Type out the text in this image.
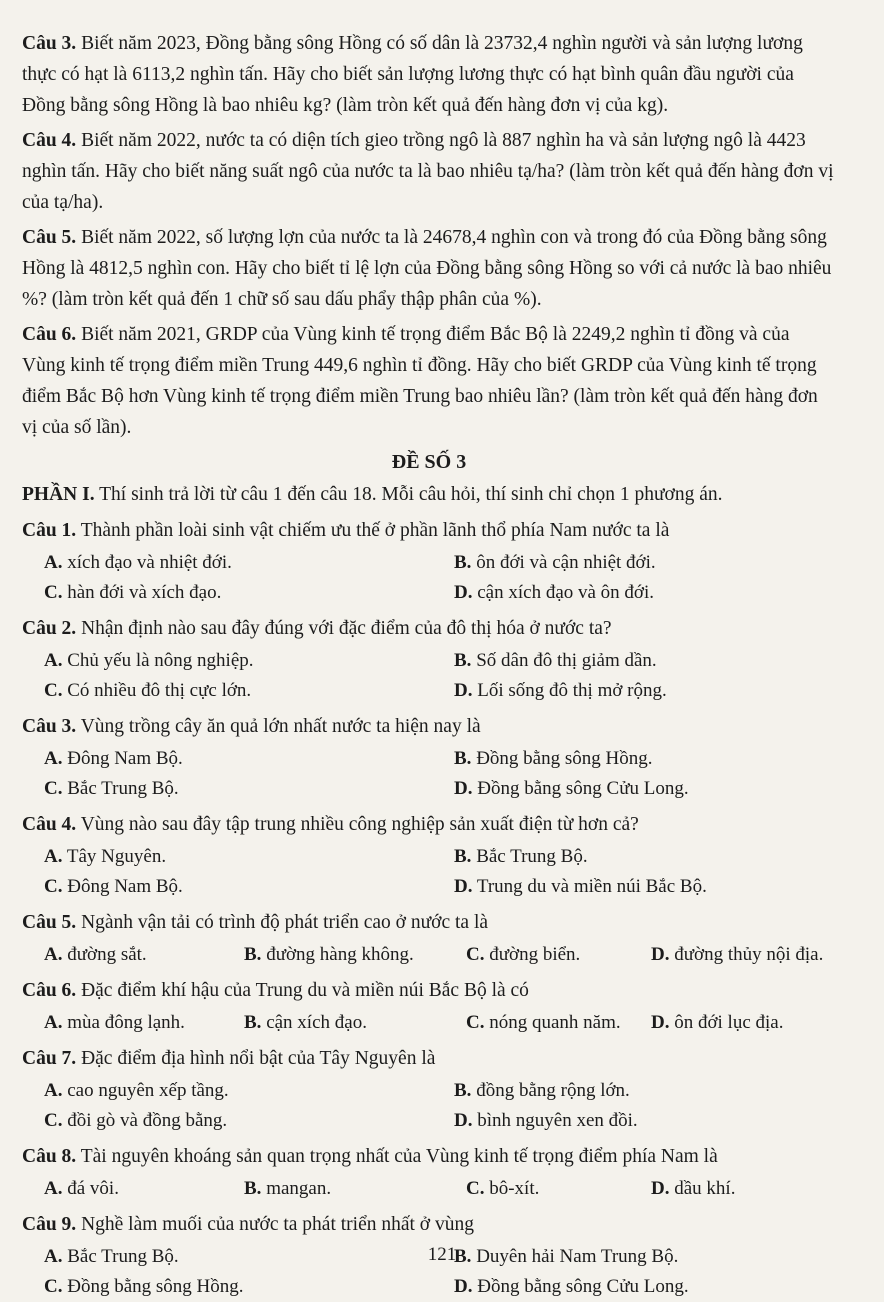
Câu 3. Biết năm 2023, Đồng bằng sông Hồng có số dân là 23732,4 nghìn người và sản lượng lương thực có hạt là 6113,2 nghìn tấn. Hãy cho biết sản lượng lương thực có hạt bình quân đầu người của Đồng bằng sông Hồng là bao nhiêu kg? (làm tròn kết quả đến hàng đơn vị của kg).
Câu 4. Biết năm 2022, nước ta có diện tích gieo trồng ngô là 887 nghìn ha và sản lượng ngô là 4423 nghìn tấn. Hãy cho biết năng suất ngô của nước ta là bao nhiêu tạ/ha? (làm tròn kết quả đến hàng đơn vị của tạ/ha).
Câu 5. Biết năm 2022, số lượng lợn của nước ta là 24678,4 nghìn con và trong đó của Đồng bằng sông Hồng là 4812,5 nghìn con. Hãy cho biết tỉ lệ lợn của Đồng bằng sông Hồng so với cả nước là bao nhiêu %? (làm tròn kết quả đến 1 chữ số sau dấu phẩy thập phân của %).
Câu 6. Biết năm 2021, GRDP của Vùng kinh tế trọng điểm Bắc Bộ là 2249,2 nghìn tỉ đồng và của Vùng kinh tế trọng điểm miền Trung 449,6 nghìn tỉ đồng. Hãy cho biết GRDP của Vùng kinh tế trọng điểm Bắc Bộ hơn Vùng kinh tế trọng điểm miền Trung bao nhiêu lần? (làm tròn kết quả đến hàng đơn vị của số lần).
ĐỀ SỐ 3
PHẦN I. Thí sinh trả lời từ câu 1 đến câu 18. Mỗi câu hỏi, thí sinh chỉ chọn 1 phương án.
Câu 1. Thành phần loài sinh vật chiếm ưu thế ở phần lãnh thổ phía Nam nước ta là
A. xích đạo và nhiệt đới.	B. ôn đới và cận nhiệt đới.
C. hàn đới và xích đạo.	D. cận xích đạo và ôn đới.
Câu 2. Nhận định nào sau đây đúng với đặc điểm của đô thị hóa ở nước ta?
A. Chủ yếu là nông nghiệp.	B. Số dân đô thị giảm dần.
C. Có nhiều đô thị cực lớn.	D. Lối sống đô thị mở rộng.
Câu 3. Vùng trồng cây ăn quả lớn nhất nước ta hiện nay là
A. Đông Nam Bộ.	B. Đồng bằng sông Hồng.
C. Bắc Trung Bộ.	D. Đồng bằng sông Cửu Long.
Câu 4. Vùng nào sau đây tập trung nhiều công nghiệp sản xuất điện từ hơn cả?
A. Tây Nguyên.	B. Bắc Trung Bộ.
C. Đông Nam Bộ.	D. Trung du và miền núi Bắc Bộ.
Câu 5. Ngành vận tải có trình độ phát triển cao ở nước ta là
A. đường sắt.	B. đường hàng không.	C. đường biển.	D. đường thủy nội địa.
Câu 6. Đặc điểm khí hậu của Trung du và miền núi Bắc Bộ là có
A. mùa đông lạnh.	B. cận xích đạo.	C. nóng quanh năm.	D. ôn đới lục địa.
Câu 7. Đặc điểm địa hình nổi bật của Tây Nguyên là
A. cao nguyên xếp tầng.	B. đồng bằng rộng lớn.
C. đồi gò và đồng bằng.	D. bình nguyên xen đồi.
Câu 8. Tài nguyên khoáng sản quan trọng nhất của Vùng kinh tế trọng điểm phía Nam là
A. đá vôi.	B. mangan.	C. bô-xít.	D. dầu khí.
Câu 9. Nghề làm muối của nước ta phát triển nhất ở vùng
A. Bắc Trung Bộ.	B. Duyên hải Nam Trung Bộ.
C. Đồng bằng sông Hồng.	D. Đồng bằng sông Cửu Long.
121
